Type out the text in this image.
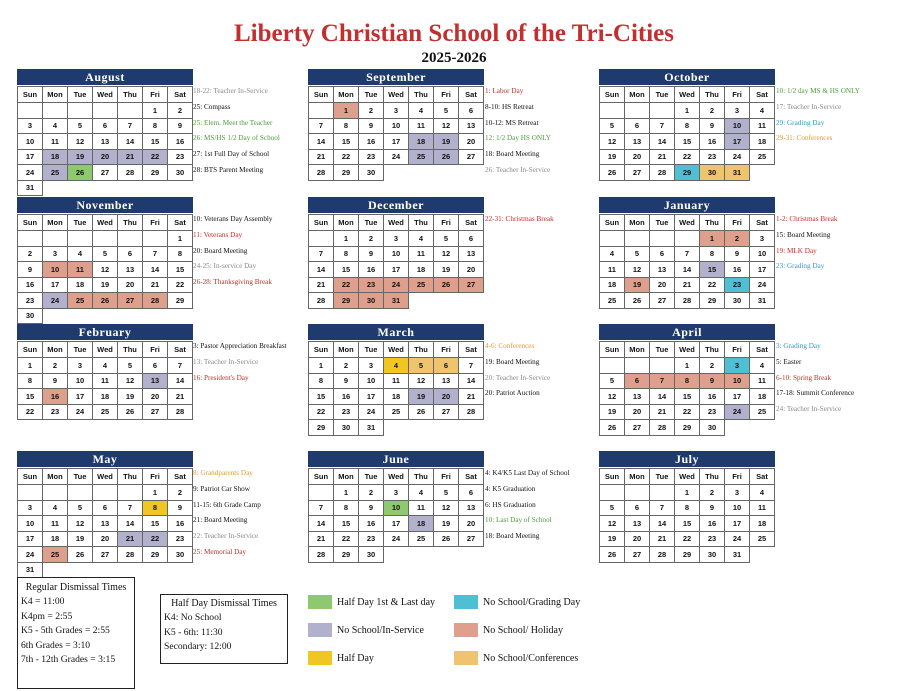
Liberty Christian School of the Tri-Cities
2025-2026
August
Sun	Mon	Tue	Wed	Thu	Fri	Sat
					1	2
3	4	5	6	7	8	9
10	11	12	13	14	15	16
17	18	19	20	21	22	23
24	25	26	27	28	29	30
31						
18-22: Teacher In-Service
25: Compass
25: Elem. Meet the Teacher
26: MS/HS 1/2 Day of School
27: 1st Full Day of School
28: BTS Parent Meeting
September
Sun	Mon	Tue	Wed	Thu	Fri	Sat
	1	2	3	4	5	6
7	8	9	10	11	12	13
14	15	16	17	18	19	20
21	22	23	24	25	26	27
28	29	30				
1: Labor Day
8-10: HS Retreat
10-12: MS Retreat
12: 1/2 Day HS ONLY
18: Board Meeting
26: Teacher In-Service
October
Sun	Mon	Tue	Wed	Thu	Fri	Sat
			1	2	3	4
5	6	7	8	9	10	11
12	13	14	15	16	17	18
19	20	21	22	23	24	25
26	27	28	29	30	31	
10: 1/2 day MS & HS ONLY
17: Teacher In-Service
29: Grading Day
29-31: Conferences
November
Sun	Mon	Tue	Wed	Thu	Fri	Sat
						1
2	3	4	5	6	7	8
9	10	11	12	13	14	15
16	17	18	19	20	21	22
23	24	25	26	27	28	29
30						
10: Veterans Day Assembly
11: Veterans Day
20: Board Meeting
24-25: In-service Day
26-28: Thanksgiving Break
December
Sun	Mon	Tue	Wed	Thu	Fri	Sat
	1	2	3	4	5	6
7	8	9	10	11	12	13
14	15	16	17	18	19	20
21	22	23	24	25	26	27
28	29	30	31			
22-31: Christmas Break
January
Sun	Mon	Tue	Wed	Thu	Fri	Sat
				1	2	3
4	5	6	7	8	9	10
11	12	13	14	15	16	17
18	19	20	21	22	23	24
25	26	27	28	29	30	31
1-2: Christmas Break
15: Board Meeting
19: MLK Day
23: Grading Day
February
Sun	Mon	Tue	Wed	Thu	Fri	Sat
1	2	3	4	5	6	7
8	9	10	11	12	13	14
15	16	17	18	19	20	21
22	23	24	25	26	27	28
3: Pastor Appreciation Breakfast
13: Teacher In-Service
16: President's Day
March
Sun	Mon	Tue	Wed	Thu	Fri	Sat
1	2	3	4	5	6	7
8	9	10	11	12	13	14
15	16	17	18	19	20	21
22	23	24	25	26	27	28
29	30	31				
4-6: Conferences
19: Board Meeting
20: Teacher In-Service
20: Patriot Auction
April
Sun	Mon	Tue	Wed	Thu	Fri	Sat
			1	2	3	4
5	6	7	8	9	10	11
12	13	14	15	16	17	18
19	20	21	22	23	24	25
26	27	28	29	30		
3: Grading Day
5: Easter
6-10: Spring Break
17-18: Summit Conference
24: Teacher In-Service
May
Sun	Mon	Tue	Wed	Thu	Fri	Sat
					1	2
3	4	5	6	7	8	9
10	11	12	13	14	15	16
17	18	19	20	21	22	23
24	25	26	27	28	29	30
31						
8: Grandparents Day
9: Patriot Car Show
11-15: 6th Grade Camp
21: Board Meeting
22: Teacher In-Service
25: Memorial Day
June
Sun	Mon	Tue	Wed	Thu	Fri	Sat
	1	2	3	4	5	6
7	8	9	10	11	12	13
14	15	16	17	18	19	20
21	22	23	24	25	26	27
28	29	30				
4: K4/K5 Last Day of School
4: K5 Graduation
6: HS Graduation
10: Last Day of School
18: Board Meeting
July
Sun	Mon	Tue	Wed	Thu	Fri	Sat
			1	2	3	4
5	6	7	8	9	10	11
12	13	14	15	16	17	18
19	20	21	22	23	24	25
26	27	28	29	30	31	
Regular Dismissal Times
K4 = 11:00
K4pm = 2:55
K5 - 5th Grades = 2:55
6th Grades = 3:10
7th - 12th Grades = 3:15
Half Day Dismissal Times
K4: No School
K5 - 6th: 11:30
Secondary: 12:00
Half Day 1st & Last day	No School/Grading Day
No School/In-Service	No School/ Holiday
Half Day	No School/Conferences
